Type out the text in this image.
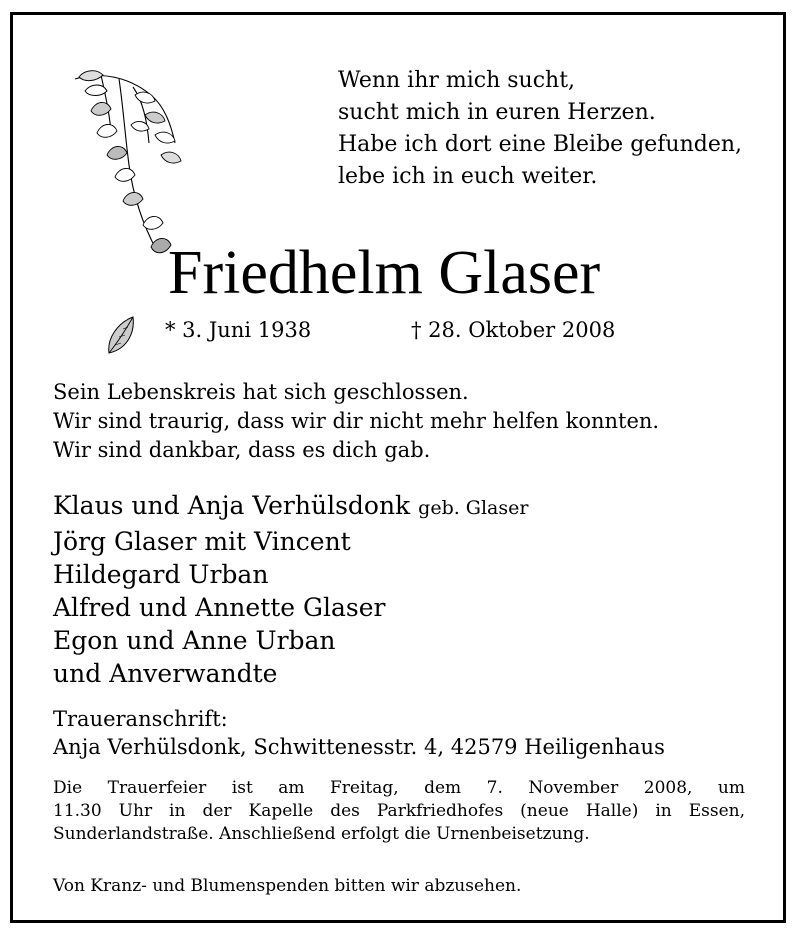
Wenn ihr mich sucht,
sucht mich in euren Herzen.
Habe ich dort eine Bleibe gefunden,
lebe ich in euch weiter.
Friedhelm Glaser
* 3. Juni 1938	† 28. Oktober 2008
Sein Lebenskreis hat sich geschlossen.
Wir sind traurig, dass wir dir nicht mehr helfen konnten.
Wir sind dankbar, dass es dich gab.
Klaus und Anja Verhülsdonk geb. Glaser
Jörg Glaser mit Vincent
Hildegard Urban
Alfred und Annette Glaser
Egon und Anne Urban
und Anverwandte
Traueranschrift:
Anja Verhülsdonk, Schwittenesstr. 4, 42579 Heiligenhaus
Die Trauerfeier ist am Freitag, dem 7. November 2008, um
11.30 Uhr in der Kapelle des Parkfriedhofes (neue Halle) in Essen,
Sunderlandstraße. Anschließend erfolgt die Urnenbeisetzung.
Von Kranz- und Blumenspenden bitten wir abzusehen.
